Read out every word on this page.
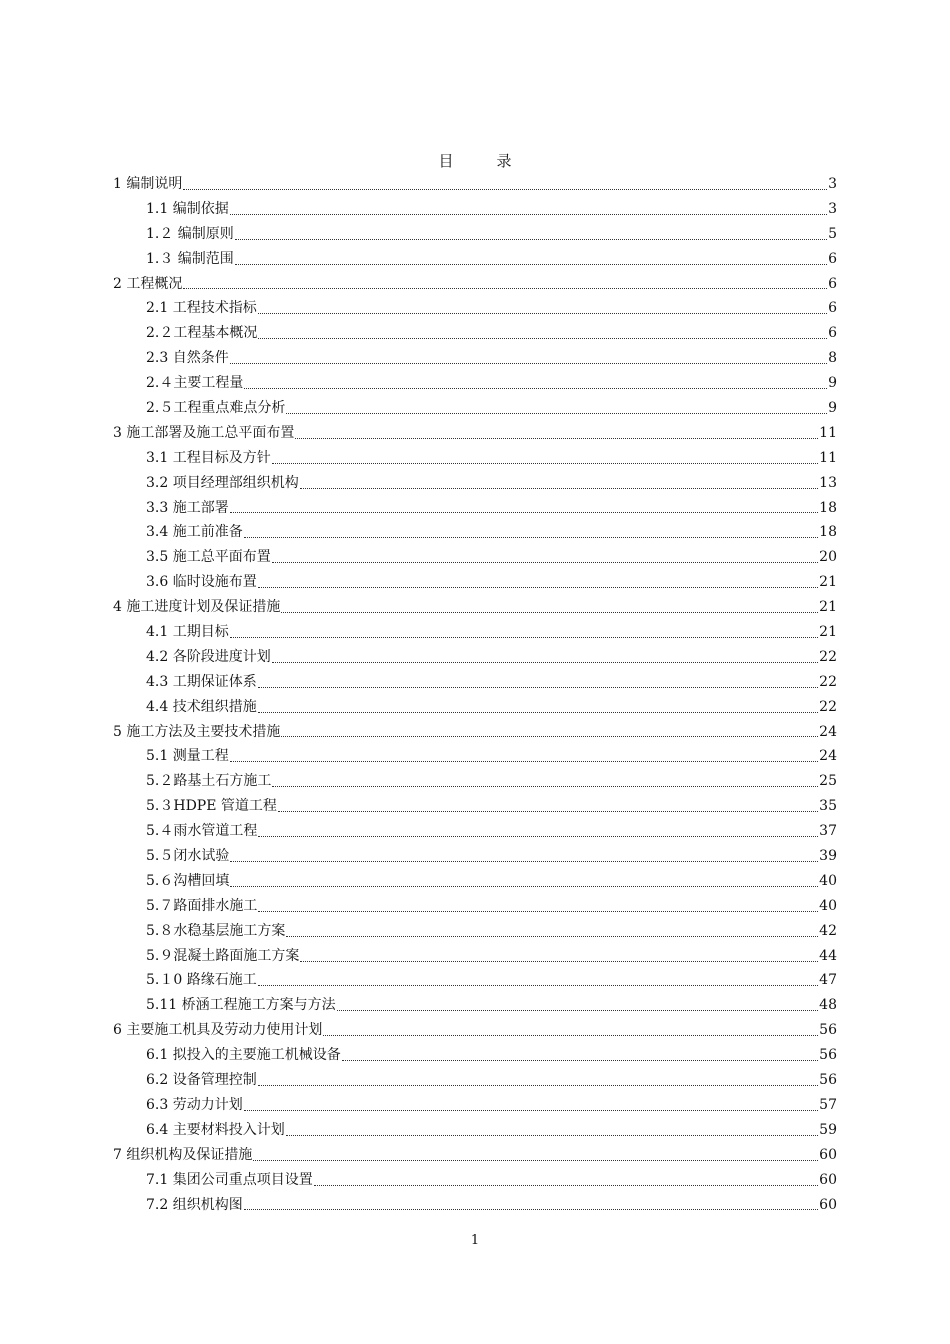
目　录
1 编制说明	3
1.1 编制依据	3
1.２ 编制原则	5
1.３ 编制范围	6
2 工程概况	6
2.1 工程技术指标	6
2.２工程基本概况	6
2.3 自然条件	8
2.４主要工程量	9
2.５工程重点难点分析	9
3 施工部署及施工总平面布置	11
3.1 工程目标及方针	11
3.2 项目经理部组织机构	13
3.3 施工部署	18
3.4 施工前准备	18
3.5 施工总平面布置	20
3.6 临时设施布置	21
4 施工进度计划及保证措施	21
4.1 工期目标	21
4.2 各阶段进度计划	22
4.3 工期保证体系	22
4.4 技术组织措施	22
5 施工方法及主要技术措施	24
5.1 测量工程	24
5.２路基土石方施工	25
5.３HDPE 管道工程	35
5.４雨水管道工程	37
5.５闭水试验	39
5.６沟槽回填	40
5.７路面排水施工	40
5.８水稳基层施工方案	42
5.９混凝土路面施工方案	44
5.１0 路缘石施工	47
5.11 桥涵工程施工方案与方法	48
6 主要施工机具及劳动力使用计划	56
6.1 拟投入的主要施工机械设备	56
6.2 设备管理控制	56
6.3 劳动力计划	57
6.4 主要材料投入计划	59
7 组织机构及保证措施	60
7.1 集团公司重点项目设置	60
7.2 组织机构图	60
1
